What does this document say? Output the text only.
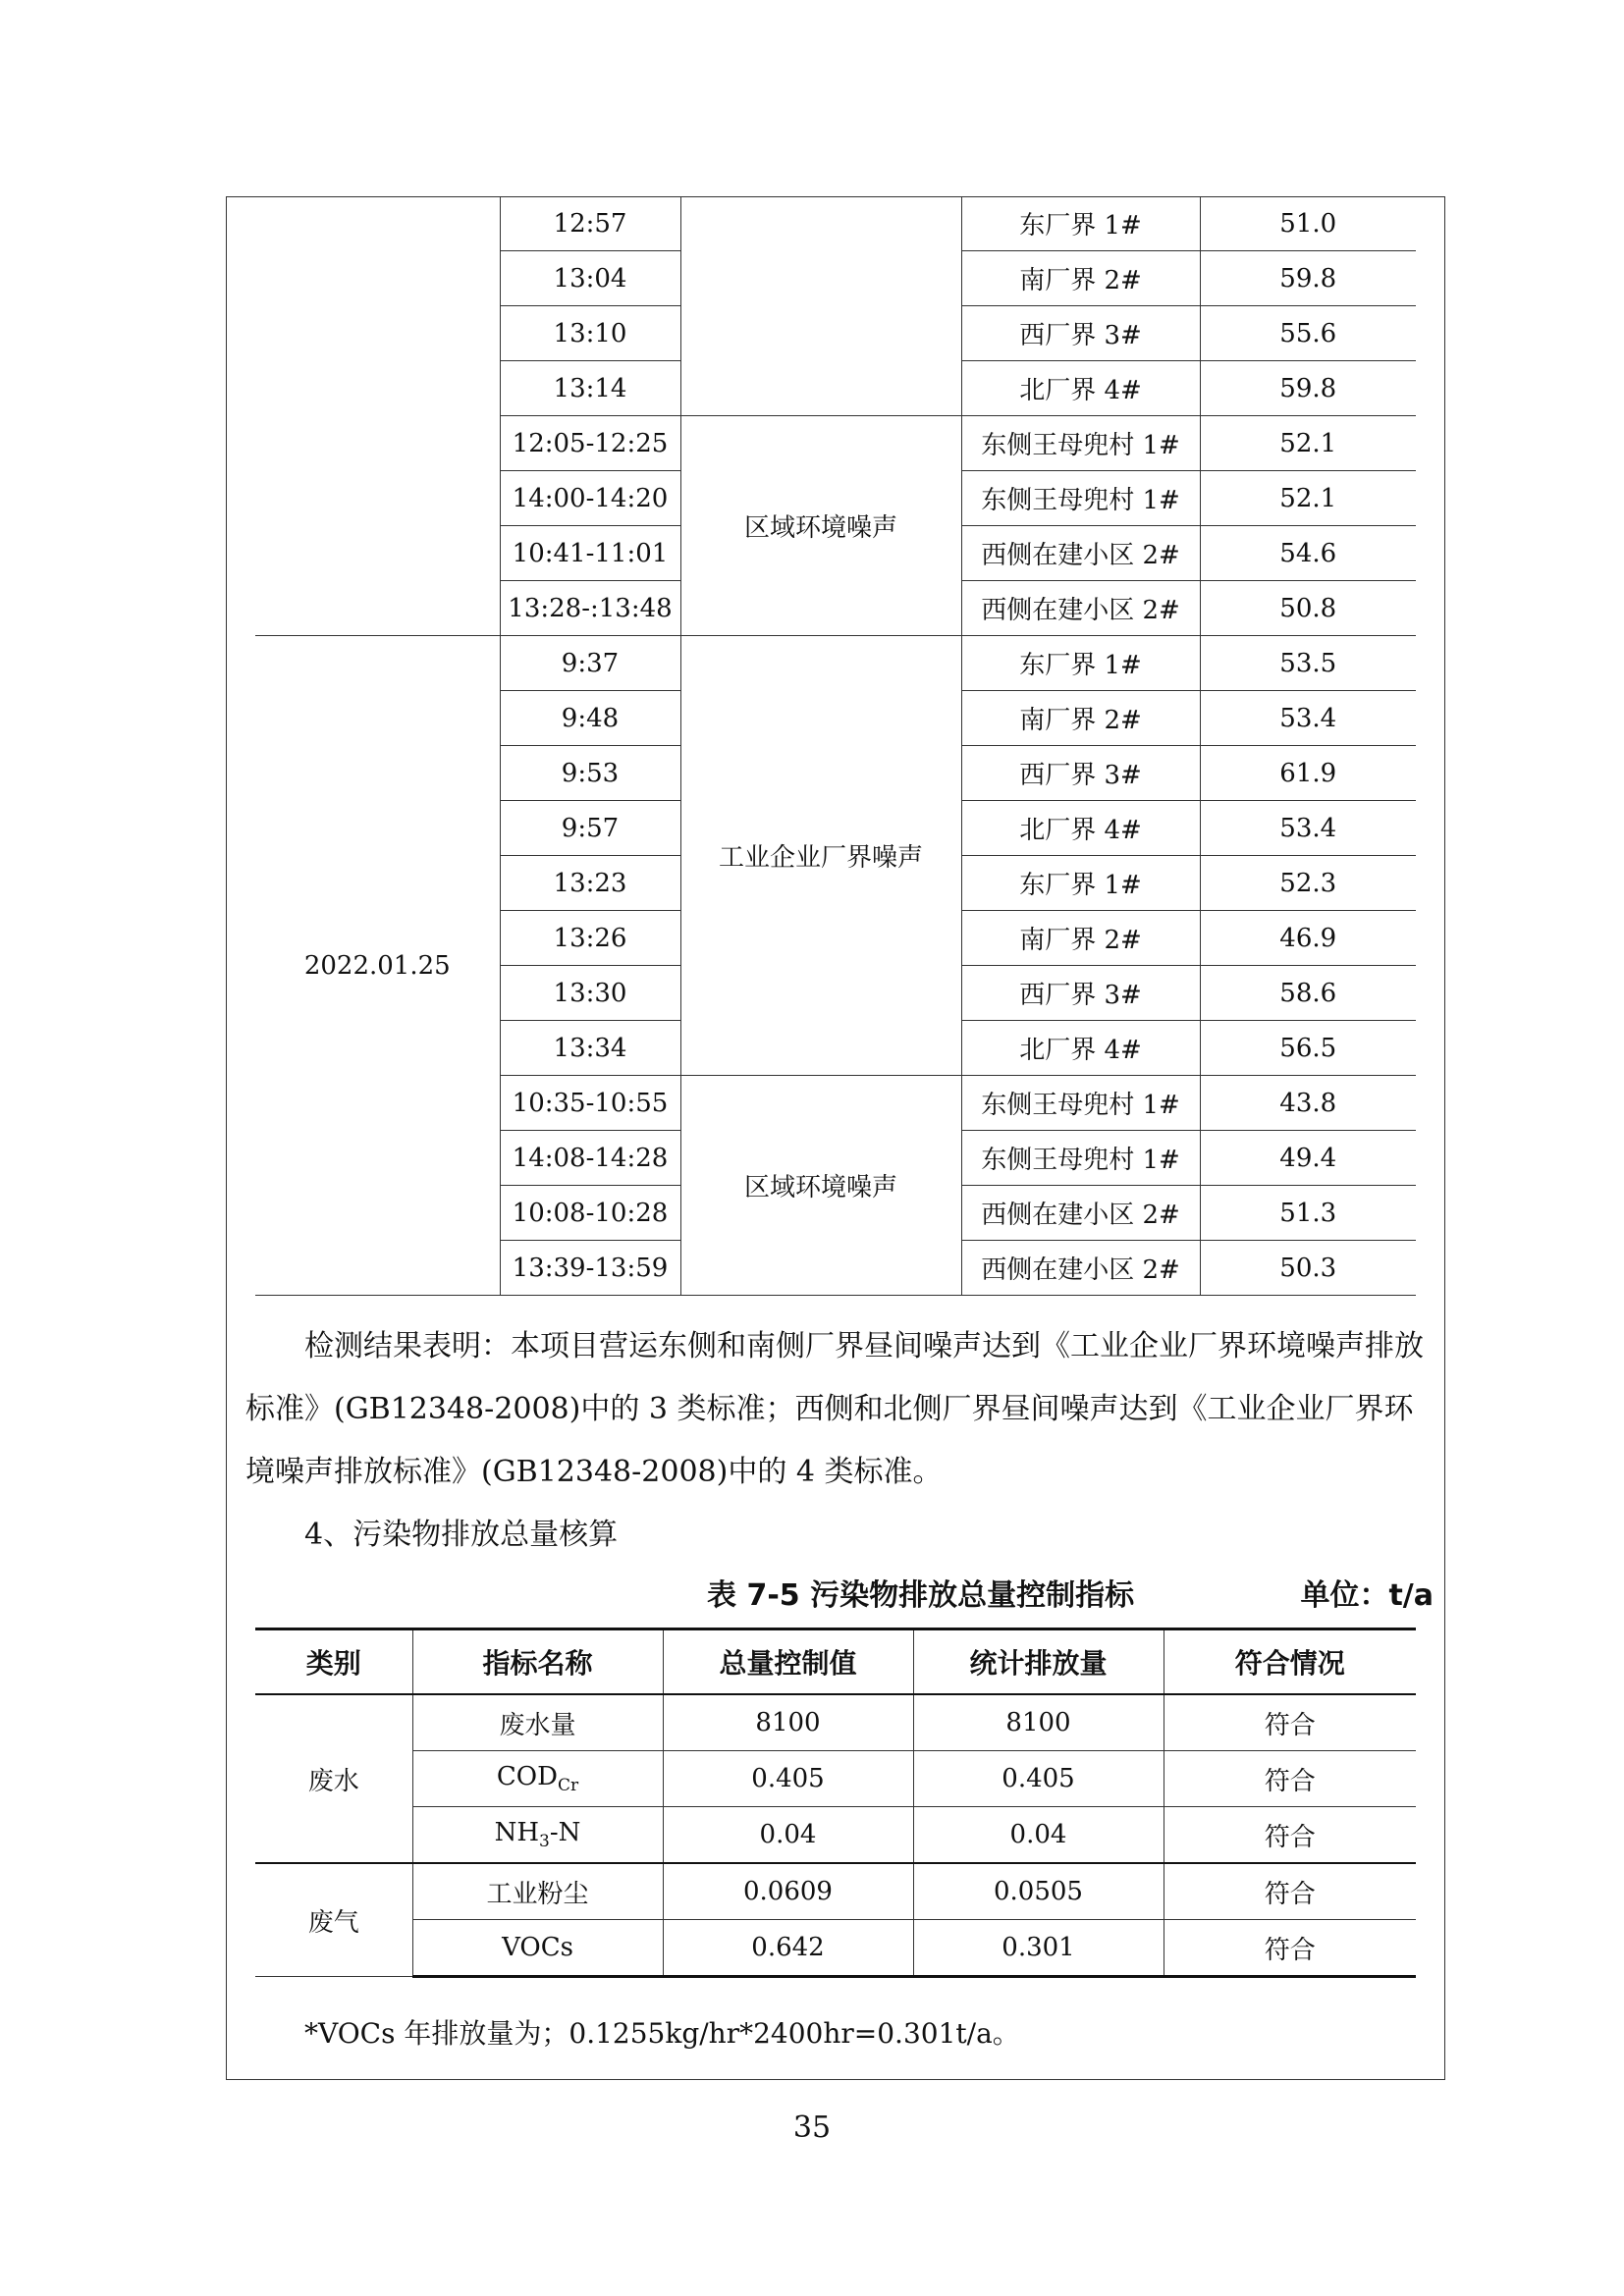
	12:57		东厂界 1#	51.0
	13:04		南厂界 2#	59.8
	13:10		西厂界 3#	55.6
	13:14		北厂界 4#	59.8
	12:05-12:25	区域环境噪声	东侧王母兜村 1#	52.1
	14:00-14:20		东侧王母兜村 1#	52.1
	10:41-11:01		西侧在建小区 2#	54.6
	13:28-:13:48		西侧在建小区 2#	50.8
2022.01.25	9:37	工业企业厂界噪声	东厂界 1#	53.5
	9:48		南厂界 2#	53.4
	9:53		西厂界 3#	61.9
	9:57		北厂界 4#	53.4
	13:23		东厂界 1#	52.3
	13:26		南厂界 2#	46.9
	13:30		西厂界 3#	58.6
	13:34		北厂界 4#	56.5
	10:35-10:55	区域环境噪声	东侧王母兜村 1#	43.8
	14:08-14:28		东侧王母兜村 1#	49.4
	10:08-10:28		西侧在建小区 2#	51.3
	13:39-13:59		西侧在建小区 2#	50.3

检测结果表明：本项目营运东侧和南侧厂界昼间噪声达到《工业企业厂界环境噪声排放标准》(GB12348-2008)中的 3 类标准；西侧和北侧厂界昼间噪声达到《工业企业厂界环境噪声排放标准》(GB12348-2008)中的 4 类标准。

4、污染物排放总量核算

表 7-5 污染物排放总量控制指标	单位：t/a
类别	指标名称	总量控制值	统计排放量	符合情况
废水	废水量	8100	8100	符合
	$COD_{Cr}$	0.405	0.405	符合
	$NH_3-N$	0.04	0.04	符合
废气	工业粉尘	0.0609	0.0505	符合
	VOCs	0.642	0.301	符合
*VOCs 年排放量为；0.1255kg/hr*2400hr=0.301t/a。
35
